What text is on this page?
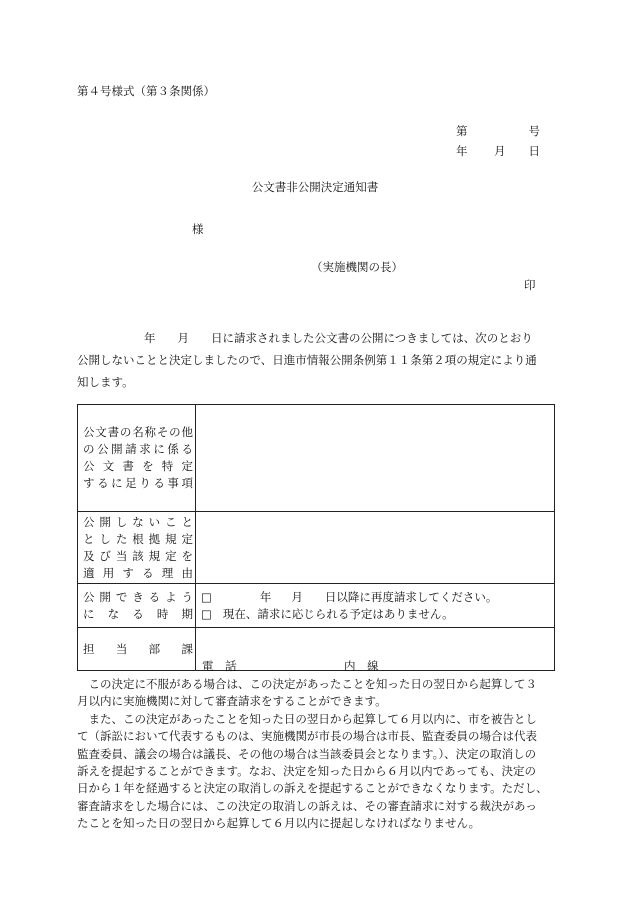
第４号様式（第３条関係）
第	号
年 月 日
公文書非公開決定通知書
様
（実施機関の長）
印
年 月 日に請求されました公文書の公開につきましては、次のとおり
公開しないことと決定しましたので、日進市情報公開条例第１１条第２項の規定により通
知します。
公文書の名称その他
の公開請求に係る
公文書を特定
するに足りる事項	

公開しないこと
とした根拠規定
及び当該規定を
適用する理由	

公開できるよう
になる時期	□ 年 月 日以降に再度請求してください。
□ 現在、請求に応じられる予定はありません。

担当部課	電　話 内　線
　この決定に不服がある場合は、この決定があったことを知った日の翌日から起算して３
月以内に実施機関に対して審査請求をすることができます。
　また、この決定があったことを知った日の翌日から起算して６月以内に、市を被告とし
て（訴訟において代表するものは、実施機関が市長の場合は市長、監査委員の場合は代表
監査委員、議会の場合は議長、その他の場合は当該委員会となります。）、決定の取消しの
訴えを提起することができます。なお、決定を知った日から６月以内であっても、決定の
日から１年を経過すると決定の取消しの訴えを提起することができなくなります。ただし、
審査請求をした場合には、この決定の取消しの訴えは、その審査請求に対する裁決があっ
たことを知った日の翌日から起算して６月以内に提起しなければなりません。
